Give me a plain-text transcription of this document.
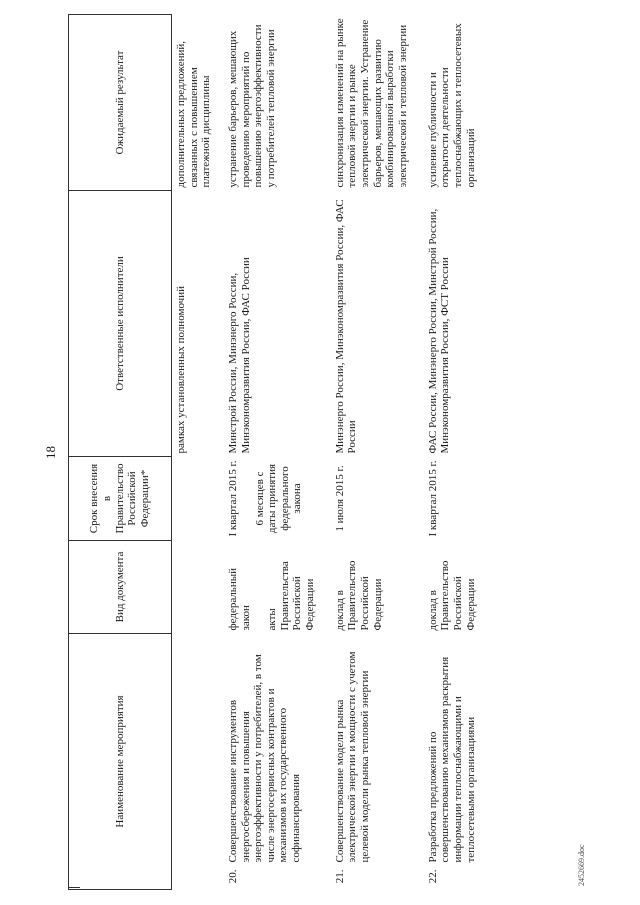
18
Наименование мероприятия		Вид документа	Срок внесения в Правительство Российской Федерации*	Ответственные исполнители	Ожидаемый результат
				рамках установленных полномочий	дополнительных предложений, связанных с повышением платежной дисциплины
20.	Совершенствование инструментов энергосбережения и повышения энергоэффективности у потребителей, в том числе энергосервисных контрактов и механизмов их государственного софинансирования	федеральный закон акты Правительства Российской Федерации	I квартал 2015 г. 6 месяцев с даты принятия федерального закона	Минстрой России, Минэнерго России, Минэкономразвития России, ФАС России	устранение барьеров, мешающих проведению мероприятий по повышению энергоэффективности у потребителей тепловой энергии
21.	Совершенствование модели рынка электрической энергии и мощности с учетом целевой модели рынка тепловой энергии	доклад в Правительство Российской Федерации	1 июля 2015 г.	Минэнерго России, Минэкономразвития России, ФАС России	синхронизация изменений на рынке тепловой энергии и рынке электрической энергии. Устранение барьеров, мешающих развитию комбинированной выработки электрической и тепловой энергии
22.	Разработка предложений по совершенствованию механизмов раскрытия информации теплоснабжающими и теплосетевыми организациями	доклад в Правительство Российской Федерации	I квартал 2015 г.	ФАС России, Минэнерго России, Минстрой России, Минэкономразвития России, ФСТ России	усиление публичности и открытости деятельности теплоснабжающих и теплосетевых организаций
2452669.doc
